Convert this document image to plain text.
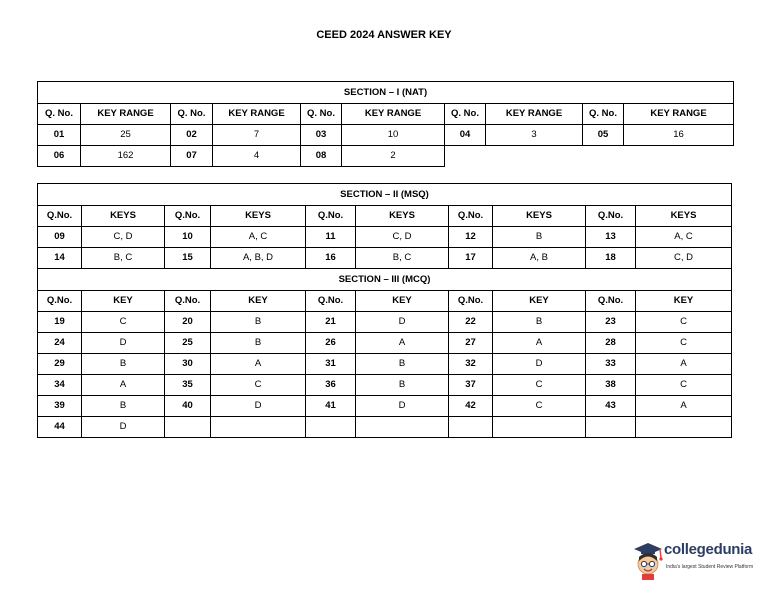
CEED 2024 ANSWER KEY
SECTION – I (NAT)									
Q. No.	KEY RANGE	Q. No.	KEY RANGE	Q. No.	KEY RANGE	Q. No.	KEY RANGE	Q. No.	KEY RANGE
01	25	02	7	03	10	04	3	05	16
06	162	07	4	08	2				
SECTION – II (MSQ)									
Q.No.	KEYS	Q.No.	KEYS	Q.No.	KEYS	Q.No.	KEYS	Q.No.	KEYS
09	C, D	10	A, C	11	C, D	12	B	13	A, C
14	B, C	15	A, B, D	16	B, C	17	A, B	18	C, D
SECTION – III (MCQ)									
Q.No.	KEY	Q.No.	KEY	Q.No.	KEY	Q.No.	KEY	Q.No.	KEY
19	C	20	B	21	D	22	B	23	C
24	D	25	B	26	A	27	A	28	C
29	B	30	A	31	B	32	D	33	A
34	A	35	C	36	B	37	C	38	C
39	B	40	D	41	D	42	C	43	A
44	D								
collegedunia
India's largest Student Review Platform
